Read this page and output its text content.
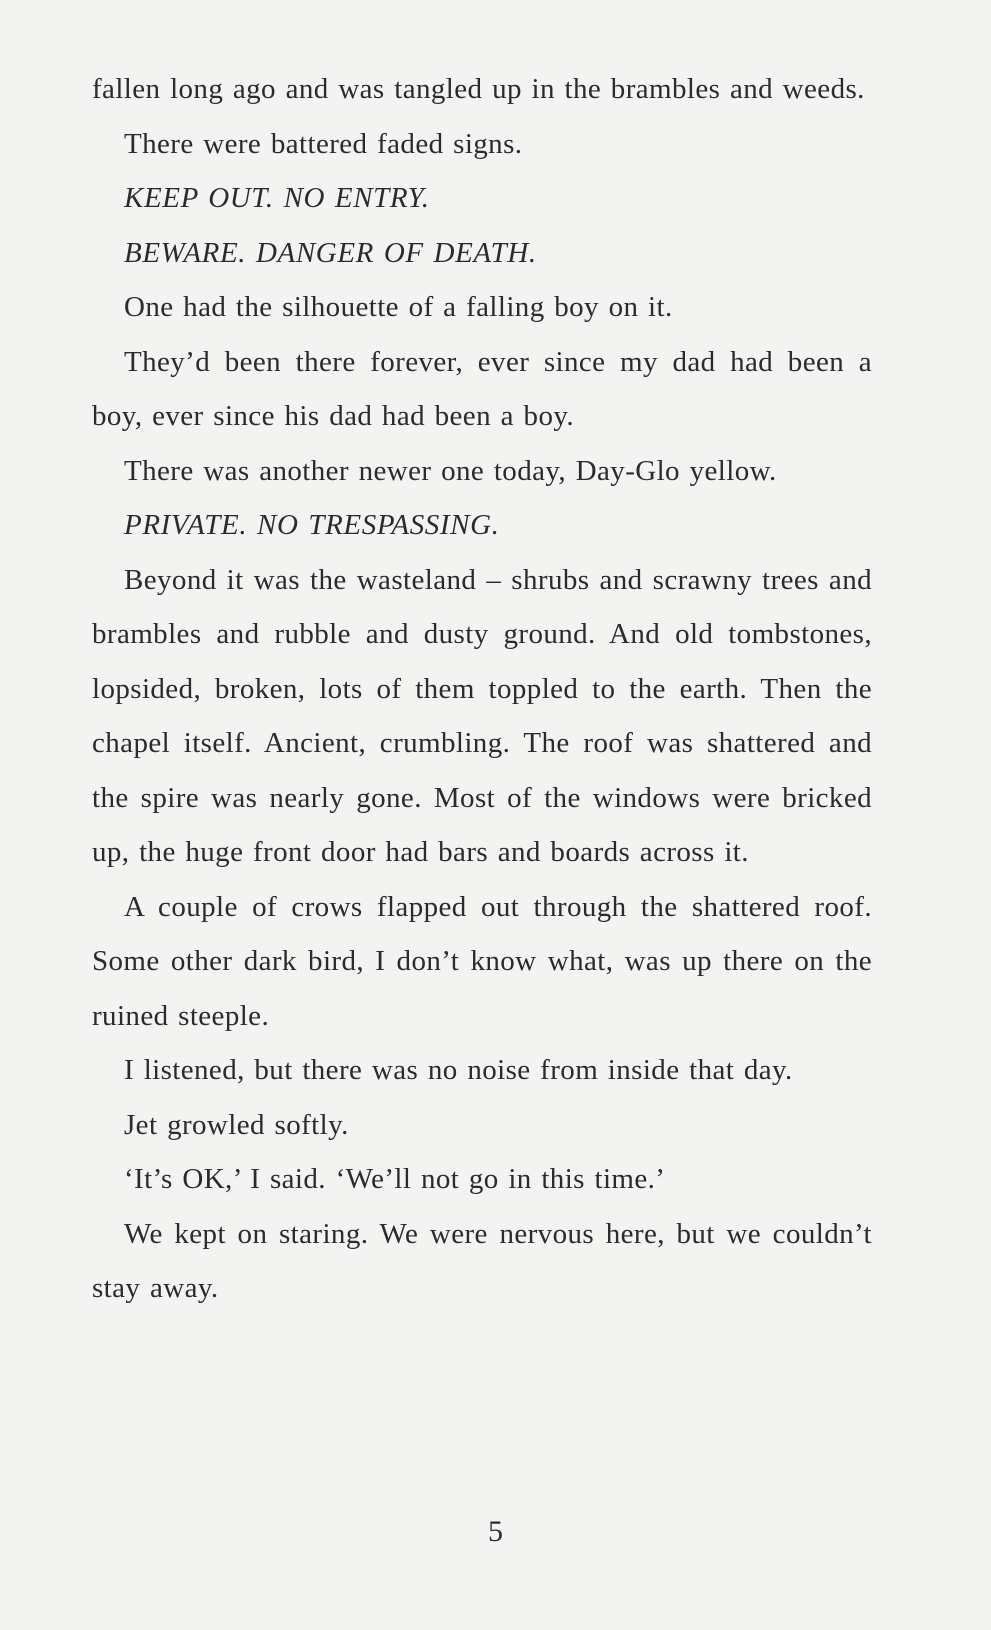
fallen long ago and was tangled up in the brambles and weeds.

There were battered faded signs.

KEEP OUT. NO ENTRY.

BEWARE. DANGER OF DEATH.

One had the silhouette of a falling boy on it.

They’d been there forever, ever since my dad had been a boy, ever since his dad had been a boy.

There was another newer one today, Day-Glo yellow.

PRIVATE. NO TRESPASSING.

Beyond it was the wasteland – shrubs and scrawny trees and brambles and rubble and dusty ground. And old tombstones, lopsided, broken, lots of them toppled to the earth. Then the chapel itself. Ancient, crumbling. The roof was shattered and the spire was nearly gone. Most of the windows were bricked up, the huge front door had bars and boards across it.

A couple of crows flapped out through the shattered roof. Some other dark bird, I don’t know what, was up there on the ruined steeple.

I listened, but there was no noise from inside that day.

Jet growled softly.

‘It’s OK,’ I said. ‘We’ll not go in this time.’

We kept on staring. We were nervous here, but we couldn’t stay away.

5
